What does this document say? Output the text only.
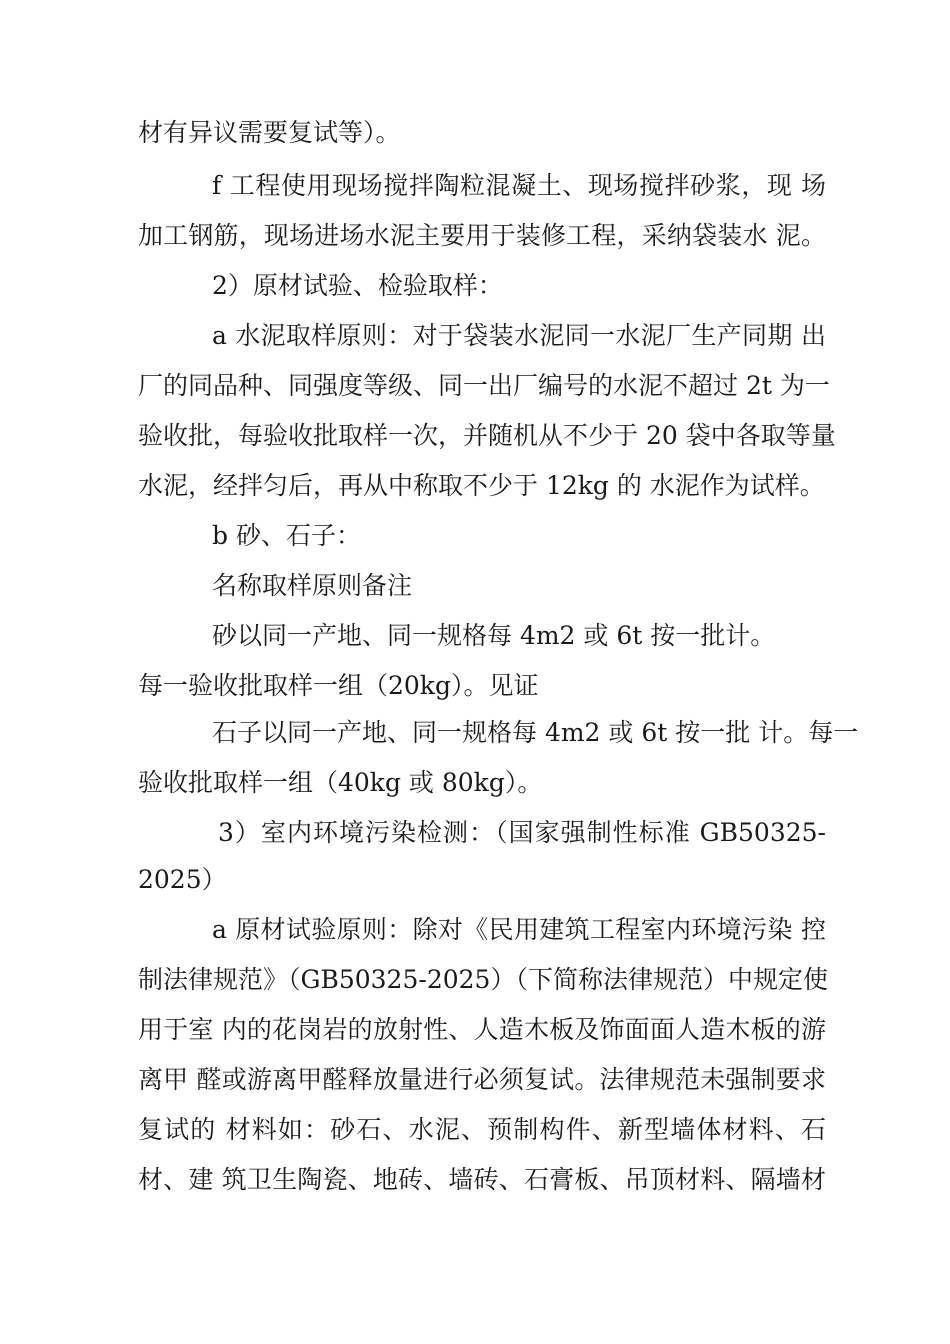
材有异议需要复试等）。

f 工程使用现场搅拌陶粒混凝土、现场搅拌砂浆，现 场

加工钢筋，现场进场水泥主要用于装修工程，采纳袋装水 泥。

2）原材试验、检验取样：

a 水泥取样原则：对于袋装水泥同一水泥厂生产同期 出

厂的同品种、同强度等级、同一出厂编号的水泥不超过 2t 为一

验收批，每验收批取样一次，并随机从不少于 20 袋中各取等量

水泥，经拌匀后，再从中称取不少于 12kg 的 水泥作为试样。

b 砂、石子：

名称取样原则备注

砂以同一产地、同一规格每 4m2 或 6t 按一批计。

每一验收批取样一组（20kg）。见证

石子以同一产地、同一规格每 4m2 或 6t 按一批 计。每一

验收批取样一组（40kg 或 80kg）。

3）室内环境污染检测：（国家强制性标准 GB50325-

2025）

a 原材试验原则：除对《民用建筑工程室内环境污染 控

制法律规范》（GB50325-2025）（下简称法律规范）中规定使

用于室 内的花岗岩的放射性、人造木板及饰面面人造木板的游

离甲 醛或游离甲醛释放量进行必须复试。法律规范未强制要求

复试的 材料如：砂石、水泥、预制构件、新型墙体材料、石

材、建 筑卫生陶瓷、地砖、墙砖、石膏板、吊顶材料、隔墙材
